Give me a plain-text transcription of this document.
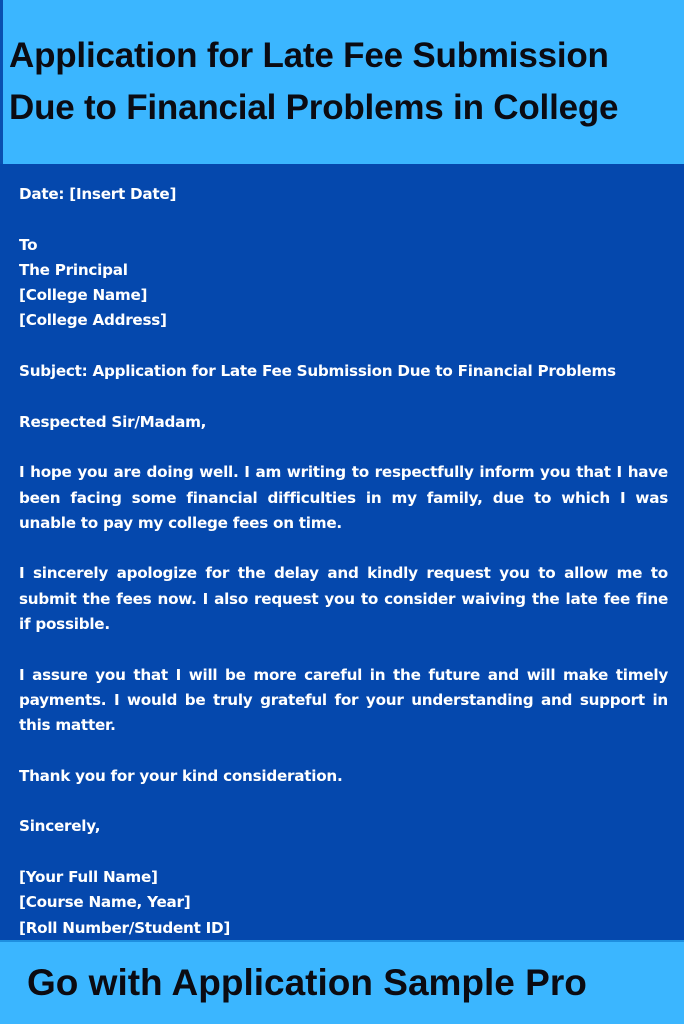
Application for Late Fee Submission Due to Financial Problems in College
Date: [Insert Date]
To
The Principal
[College Name]
[College Address]
Subject: Application for Late Fee Submission Due to Financial Problems
Respected Sir/Madam,
I hope you are doing well. I am writing to respectfully inform you that I have been facing some financial difficulties in my family, due to which I was unable to pay my college fees on time.
I sincerely apologize for the delay and kindly request you to allow me to submit the fees now. I also request you to consider waiving the late fee fine if possible.
I assure you that I will be more careful in the future and will make timely payments. I would be truly grateful for your understanding and support in this matter.
Thank you for your kind consideration.
Sincerely,
[Your Full Name]
[Course Name, Year]
[Roll Number/Student ID]
Go with Application Sample Pro
